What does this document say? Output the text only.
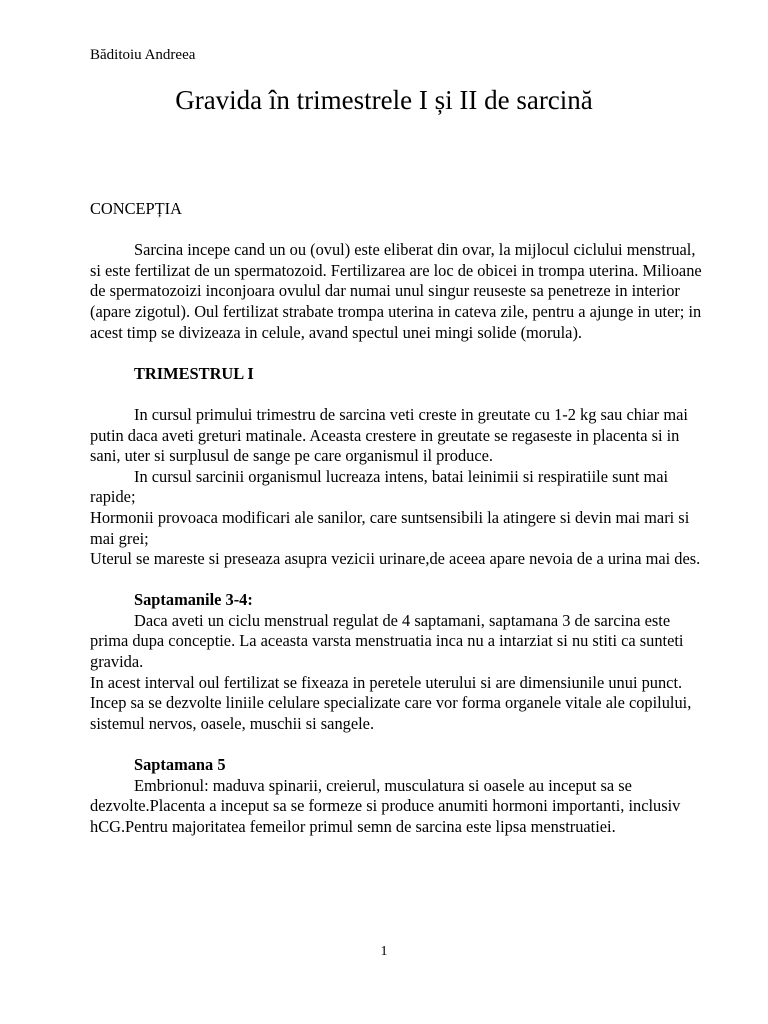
Băditoiu Andreea
Gravida în trimestrele I și II de sarcină

CONCEPȚIA

Sarcina incepe cand un ou (ovul) este eliberat din ovar, la mijlocul ciclului menstrual, si este fertilizat de un spermatozoid. Fertilizarea are loc de obicei in trompa uterina. Milioane de spermatozoizi inconjoara ovulul dar numai unul singur reuseste sa penetreze in interior (apare zigotul). Oul fertilizat strabate trompa uterina in cateva zile, pentru a ajunge in uter; in acest timp se divizeaza in celule, avand spectul unei mingi solide (morula).

TRIMESTRUL I

In cursul primului trimestru de sarcina veti creste in greutate cu 1-2 kg sau chiar mai putin daca aveti greturi matinale. Aceasta crestere in greutate se regaseste in placenta si in sani, uter si surplusul de sange pe care organismul il produce.

In cursul sarcinii organismul lucreaza intens, batai leinimii si respiratiile sunt mai rapide;

Hormonii provoaca modificari ale sanilor, care suntsensibili la atingere si devin mai mari si mai grei;

Uterul se mareste si preseaza asupra vezicii urinare,de aceea apare nevoia de a urina mai des.

Saptamanile 3-4:

Daca aveti un ciclu menstrual regulat de 4 saptamani, saptamana 3 de sarcina este prima dupa conceptie. La aceasta varsta menstruatia inca nu a intarziat si nu stiti ca sunteti gravida.

In acest interval oul fertilizat se fixeaza in peretele uterului si are dimensiunile unui punct. Incep sa se dezvolte liniile celulare specializate care vor forma organele vitale ale copilului, sistemul nervos, oasele, muschii si sangele.

Saptamana 5

Embrionul: maduva spinarii, creierul, musculatura si oasele au inceput sa se dezvolte.Placenta a inceput sa se formeze si produce anumiti hormoni importanti, inclusiv hCG.Pentru majoritatea femeilor primul semn de sarcina este lipsa menstruatiei.

1
